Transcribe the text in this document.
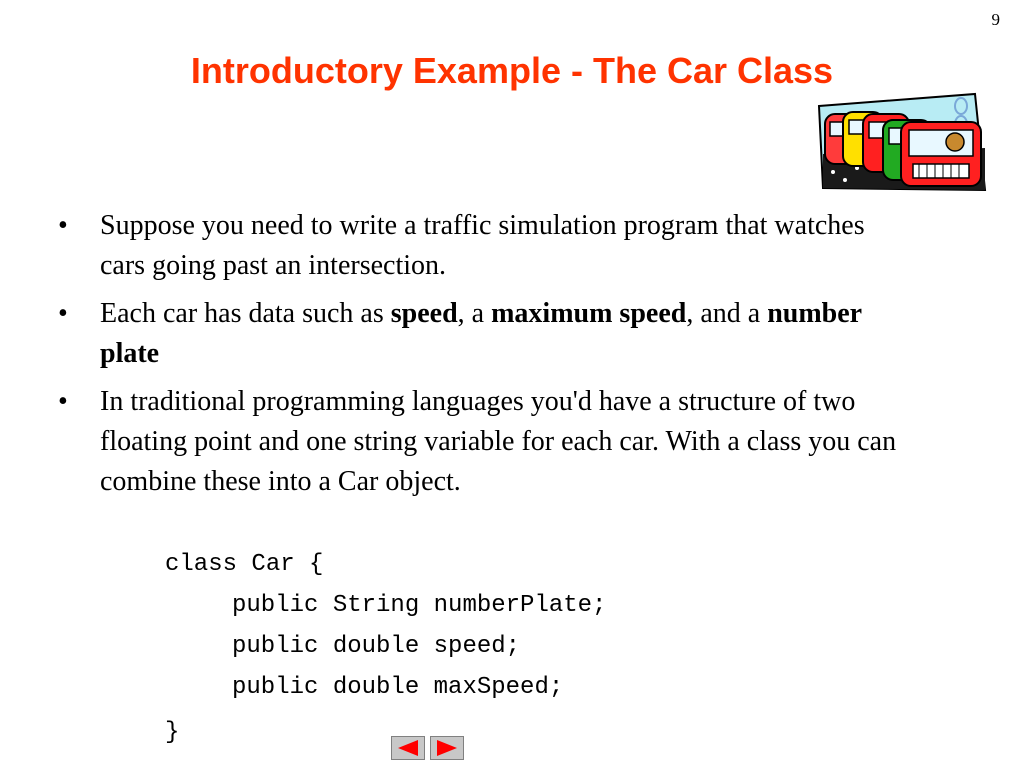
9
Introductory Example - The Car Class
• Suppose you need to write a traffic simulation program that watches cars going past an intersection.
• Each car has data such as speed, a maximum speed, and a number plate
• In traditional programming languages you'd have a structure of two floating point and one string variable for each car. With a class you can combine these into a Car object.
class Car {
public String numberPlate;
public double speed;
public double maxSpeed;
}
